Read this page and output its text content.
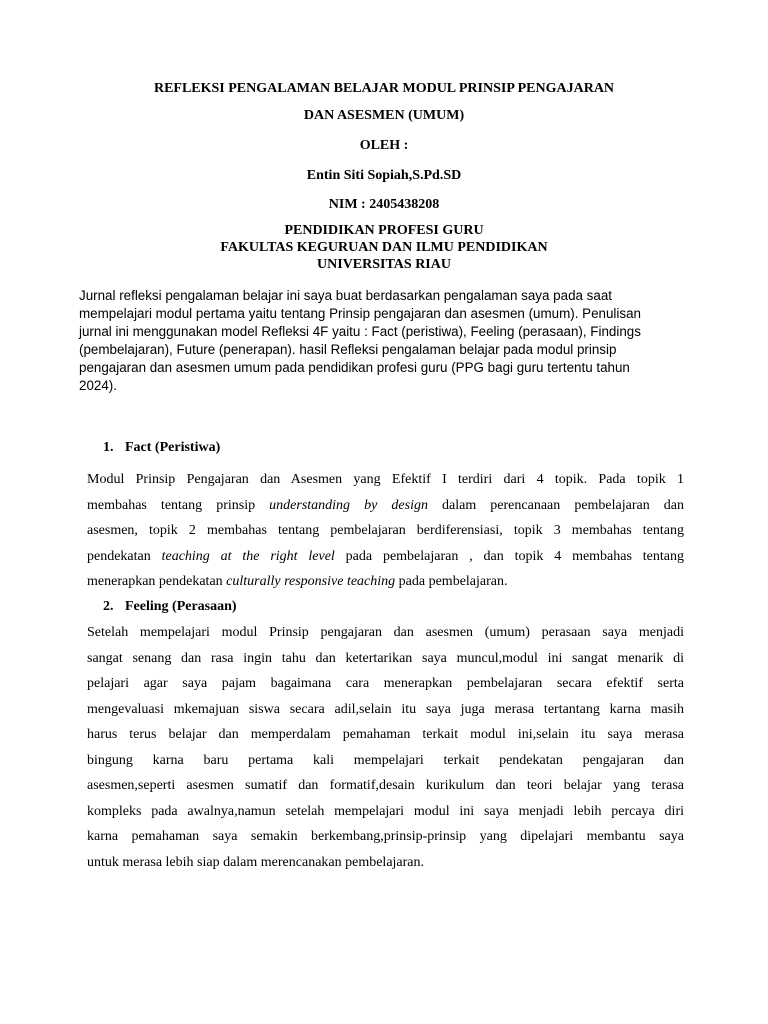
REFLEKSI PENGALAMAN BELAJAR MODUL PRINSIP PENGAJARAN
DAN ASESMEN (UMUM)
OLEH :
Entin Siti Sopiah,S.Pd.SD
NIM : 2405438208
PENDIDIKAN PROFESI GURU
FAKULTAS KEGURUAN DAN ILMU PENDIDIKAN
UNIVERSITAS RIAU
Jurnal refleksi pengalaman belajar ini saya buat berdasarkan pengalaman saya pada saat
mempelajari modul pertama yaitu tentang Prinsip pengajaran dan asesmen (umum). Penulisan
jurnal ini menggunakan model Refleksi 4F yaitu : Fact (peristiwa), Feeling (perasaan), Findings
(pembelajaran), Future (penerapan). hasil Refleksi pengalaman belajar pada modul prinsip
pengajaran dan asesmen umum pada pendidikan profesi guru (PPG bagi guru tertentu tahun
2024).
1. Fact (Peristiwa)
Modul Prinsip Pengajaran dan Asesmen yang Efektif I terdiri dari 4 topik. Pada topik 1
membahas tentang prinsip understanding by design dalam perencanaan pembelajaran dan
asesmen, topik 2 membahas tentang pembelajaran berdiferensiasi, topik 3 membahas tentang
pendekatan teaching at the right level pada pembelajaran , dan topik 4 membahas tentang
menerapkan pendekatan culturally responsive teaching pada pembelajaran.
2. Feeling (Perasaan)
Setelah mempelajari modul Prinsip pengajaran dan asesmen (umum) perasaan saya menjadi
sangat senang dan rasa ingin tahu dan ketertarikan saya muncul,modul ini sangat menarik di
pelajari agar saya pajam bagaimana cara menerapkan pembelajaran secara efektif serta
mengevaluasi mkemajuan siswa secara adil,selain itu saya juga merasa tertantang karna masih
harus terus belajar dan memperdalam pemahaman terkait modul ini,selain itu saya merasa
bingung karna baru pertama kali mempelajari terkait pendekatan pengajaran dan
asesmen,seperti asesmen sumatif dan formatif,desain kurikulum dan teori belajar yang terasa
kompleks pada awalnya,namun setelah mempelajari modul ini saya menjadi lebih percaya diri
karna pemahaman saya semakin berkembang,prinsip-prinsip yang dipelajari membantu saya
untuk merasa lebih siap dalam merencanakan pembelajaran.
